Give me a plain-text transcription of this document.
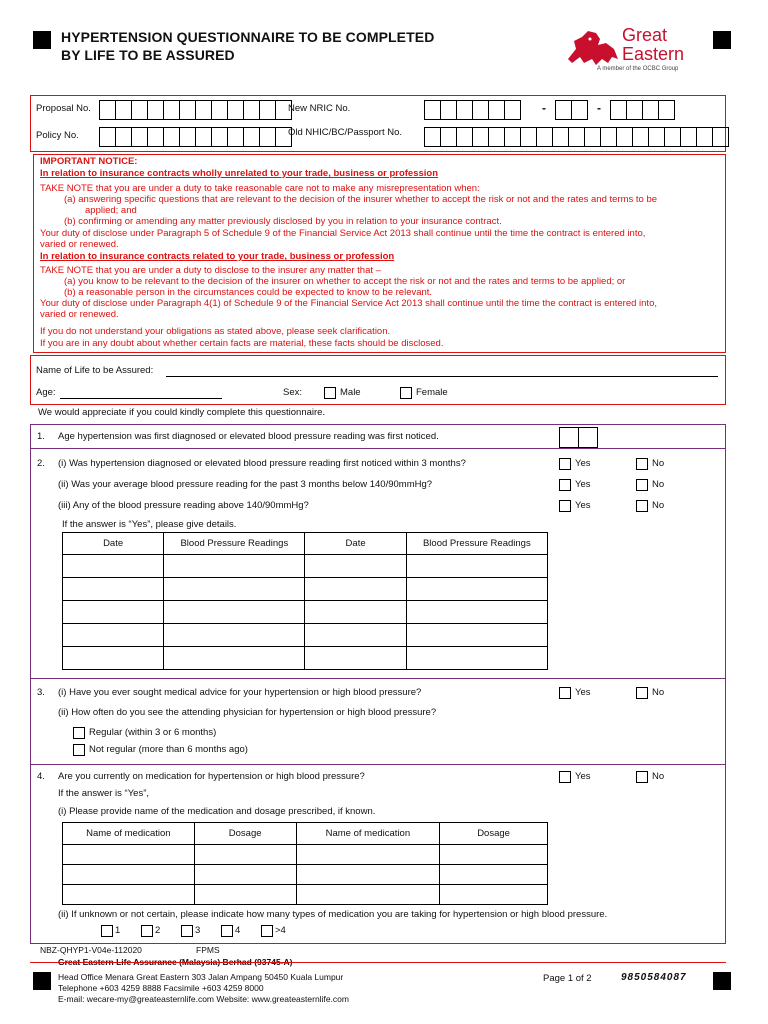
HYPERTENSION QUESTIONNAIRE TO BE COMPLETED
BY LIFE TO BE ASSURED
Great
Eastern
A member of the OCBC Group
Proposal No.
Policy No.
New NRIC No.	-	-
Old NHIC/BC/Passport No.
IMPORTANT NOTICE:
In relation to insurance contracts wholly unrelated to your trade, business or profession
TAKE NOTE that you are under a duty to take reasonable care not to make any misrepresentation when:
(a) answering specific questions that are relevant to the decision of the insurer whether to accept the risk or not and the rates and terms to be
applied; and
(b) confirming or amending any matter previously disclosed by you in relation to your insurance contract.
Your duty of disclose under Paragraph 5 of Schedule 9 of the Financial Service Act 2013 shall continue until the time the contract is entered into,
varied or renewed.
In relation to insurance contracts related to your trade, business or profession
TAKE NOTE that you are under a duty to disclose to the insurer any matter that –
(a) you know to be relevant to the decision of the insurer on whether to accept the risk or not and the rates and terms to be applied; or
(b) a reasonable person in the circumstances could be expected to know to be relevant.
Your duty of disclose under Paragraph 4(1) of Schedule 9 of the Financial Service Act 2013 shall continue until the time the contract is entered into,
varied or renewed.
If you do not understand your obligations as stated above, please seek clarification.
If you are in any doubt about whether certain facts are material, these facts should be disclosed.
Name of Life to be Assured:
Age:	Sex:	Male	Female
We would appreciate if you could kindly complete this questionnaire.
1. Age hypertension was first diagnosed or elevated blood pressure reading was first noticed.
2. (i) Was hypertension diagnosed or elevated blood pressure reading first noticed within 3 months?	Yes	No
(ii) Was your average blood pressure reading for the past 3 months below 140/90mmHg?	Yes	No
(iii) Any of the blood pressure reading above 140/90mmHg?	Yes	No
If the answer is “Yes”, please give details.
Date	Blood Pressure Readings	Date	Blood Pressure Readings

3. (i) Have you ever sought medical advice for your hypertension or high blood pressure?	Yes	No
(ii) How often do you see the attending physician for hypertension or high blood pressure?
Regular (within 3 or 6 months)
Not regular (more than 6 months ago)
4. Are you currently on medication for hypertension or high blood pressure?	Yes	No
If the answer is “Yes”,
(i) Please provide name of the medication and dosage prescribed, if known.
Name of medication	Dosage	Name of medication	Dosage

(ii) If unknown or not certain, please indicate how many types of medication you are taking for hypertension or high blood pressure.
1	2	3	4	>4
NBZ-QHYP1-V04e-112020	FPMS
Great Eastern Life Assurance (Malaysia) Berhad (93745-A)
Head Office Menara Great Eastern 303 Jalan Ampang 50450 Kuala Lumpur
Telephone +603 4259 8888 Facsimile +603 4259 8000
E-mail: wecare-my@greateasternlife.com Website: www.greateasternlife.com
Page 1 of 2	9850584087
